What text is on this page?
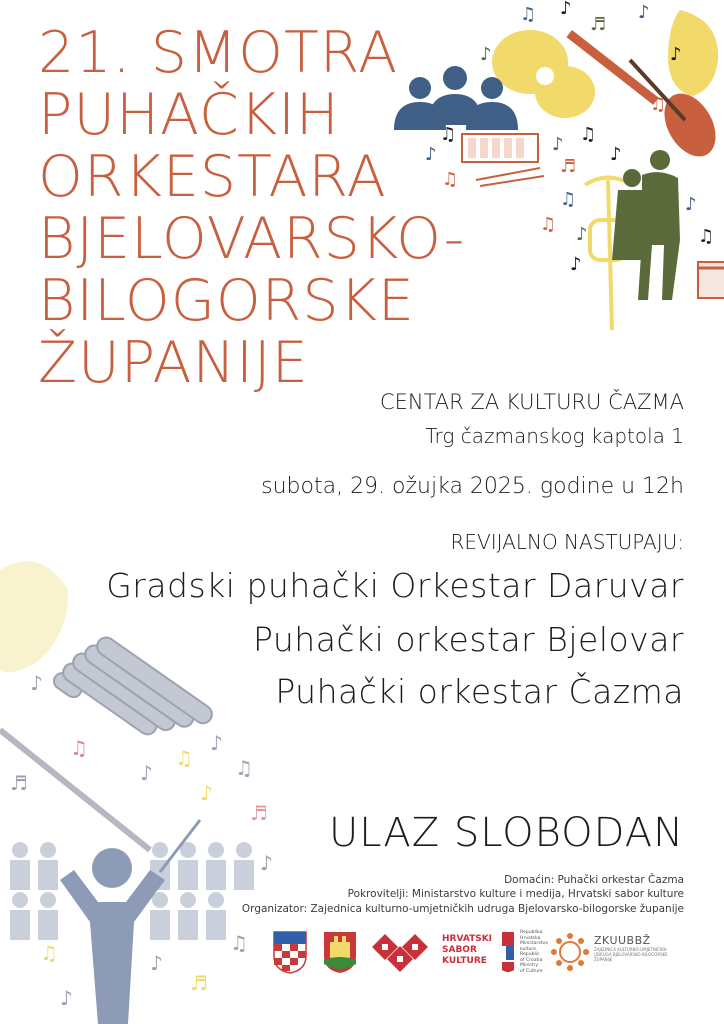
♫ ♪
♬
♪
♫
♪
♫
♪ ♫
♬
♪
♫
♪
♫
♪
♫
♪
♪
♫
♪
♪
♫
♬	♪
♫
♪
♫
♪
♬
♪
♫	♪
♬
♫
♪
21. SMOTRA
PUHAČKIH
ORKESTARA
BJELOVARSKO-
BILOGORSKE
ŽUPANIJE
CENTAR ZA KULTURU ČAZMA
Trg čazmanskog kaptola 1
subota, 29. ožujka 2025. godine u 12h
REVIJALNO NASTUPAJU:
Gradski puhački Orkestar Daruvar
Puhački orkestar Bjelovar
Puhački orkestar Čazma
ULAZ SLOBODAN
Domaćin: Puhački orkestar Čazma
Pokrovitelji: Ministarstvo kulture i medija, Hrvatski sabor kulture
Organizator: Zajednica kulturno-umjetničkih udruga Bjelovarsko-bilogorske županije
HRVATSKI
SABOR
KULTURE
Republika
Hrvatska
Ministarstvo
kulture
Republic
of Croatia
Ministry
of Culture
ZKUUBBŽ
ZAJEDNICA KULTURNO-UMJETNIČKIH
UDRUGA BJELOVARSKO-BILOGORSKE
ŽUPANIJE
